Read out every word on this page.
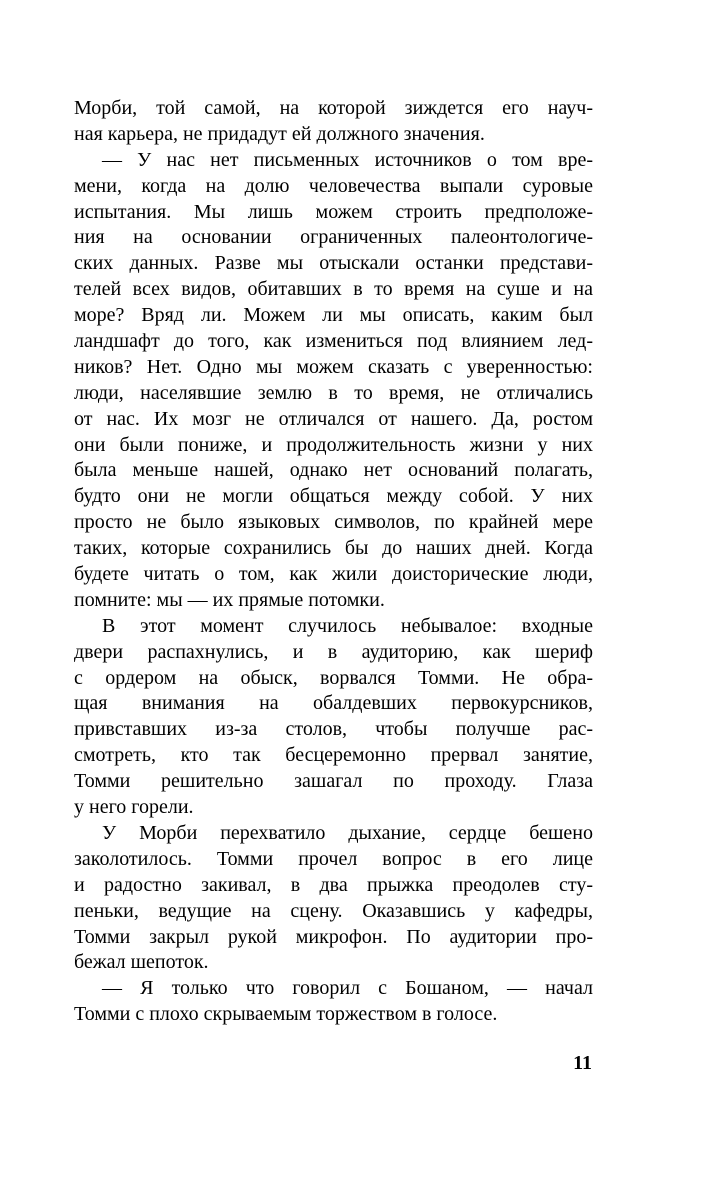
Морби, той самой, на которой зиждется его науч-
ная карьера, не придадут ей должного значения.
— У нас нет письменных источников о том вре-
мени, когда на долю человечества выпали суровые
испытания. Мы лишь можем строить предположе-
ния на основании ограниченных палеонтологиче-
ских данных. Разве мы отыскали останки представи-
телей всех видов, обитавших в то время на суше и на
море? Вряд ли. Можем ли мы описать, каким был
ландшафт до того, как измениться под влиянием лед-
ников? Нет. Одно мы можем сказать с уверенностью:
люди, населявшие землю в то время, не отличались
от нас. Их мозг не отличался от нашего. Да, ростом
они были пониже, и продолжительность жизни у них
была меньше нашей, однако нет оснований полагать,
будто они не могли общаться между собой. У них
просто не было языковых символов, по крайней мере
таких, которые сохранились бы до наших дней. Когда
будете читать о том, как жили доисторические люди,
помните: мы — их прямые потомки.
В этот момент случилось небывалое: входные
двери распахнулись, и в аудиторию, как шериф
с ордером на обыск, ворвался Томми. Не обра-
щая внимания на обалдевших первокурсников,
привставших из-за столов, чтобы получше рас-
смотреть, кто так бесцеремонно прервал занятие,
Томми решительно зашагал по проходу. Глаза
у него горели.
У Морби перехватило дыхание, сердце бешено
заколотилось. Томми прочел вопрос в его лице
и радостно закивал, в два прыжка преодолев сту-
пеньки, ведущие на сцену. Оказавшись у кафедры,
Томми закрыл рукой микрофон. По аудитории про-
бежал шепоток.
— Я только что говорил с Бошаном, — начал
Томми с плохо скрываемым торжеством в голосе.
11
